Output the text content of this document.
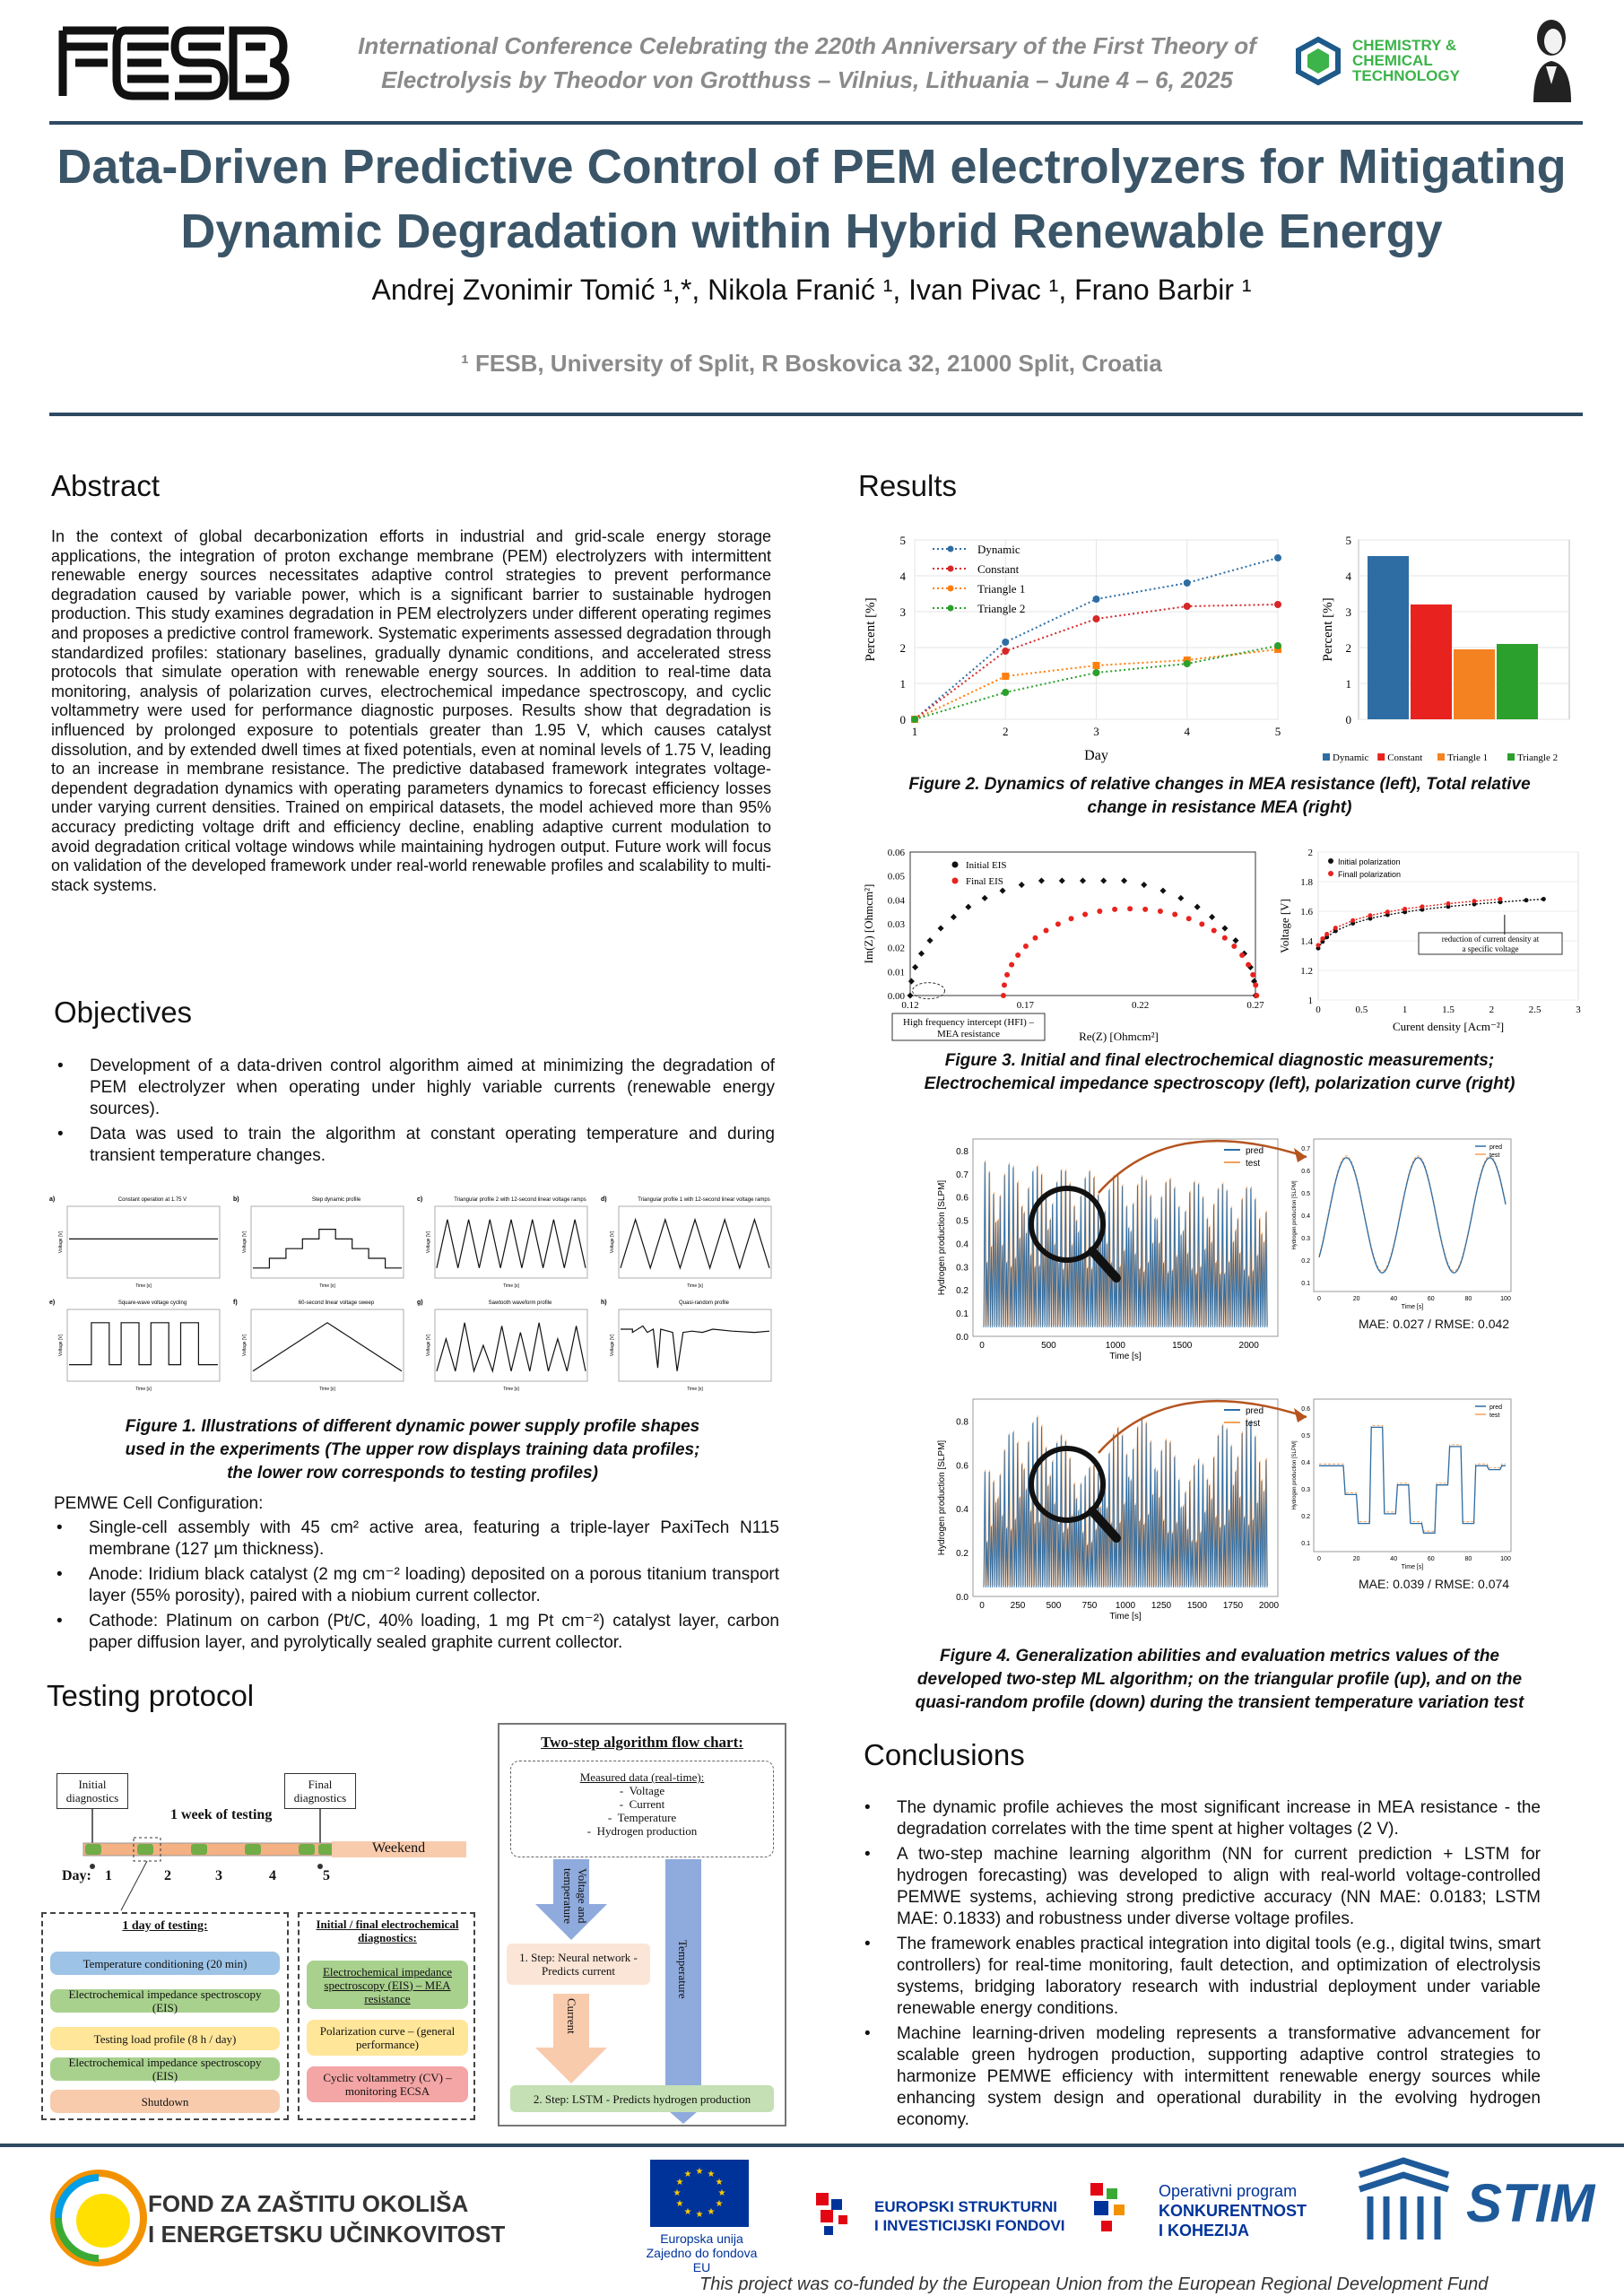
FESB
International Conference Celebrating the 220th Anniversary of the First Theory of
Electrolysis by Theodor von Grotthuss – Vilnius, Lithuania – June 4 – 6, 2025
CHEMISTRY &
CHEMICAL
TECHNOLOGY
Data-Driven Predictive Control of PEM electrolyzers for Mitigating
Dynamic Degradation within Hybrid Renewable Energy
Andrej Zvonimir Tomić ¹,*, Nikola Franić ¹, Ivan Pivac ¹, Frano Barbir ¹
¹ FESB, University of Split, R Boskovica 32, 21000 Split, Croatia
Abstract
In the context of global decarbonization efforts in industrial and grid-scale energy storage applications, the integration of proton exchange membrane (PEM) electrolyzers with intermittent renewable energy sources necessitates adaptive control strategies to prevent performance degradation caused by variable power, which is a significant barrier to sustainable hydrogen production. This study examines degradation in PEM electrolyzers under different operating regimes and proposes a predictive control framework. Systematic experiments assessed degradation through standardized profiles: stationary baselines, gradually dynamic conditions, and accelerated stress protocols that simulate operation with renewable energy sources. In addition to real-time data monitoring, analysis of polarization curves, electrochemical impedance spectroscopy, and cyclic voltammetry were used for performance diagnostic purposes. Results show that degradation is influenced by prolonged exposure to potentials greater than 1.95 V, which causes catalyst dissolution, and by extended dwell times at fixed potentials, even at nominal levels of 1.75 V, leading to an increase in membrane resistance. The predictive databased framework integrates voltage-dependent degradation dynamics with operating parameters dynamics to forecast efficiency losses under varying current densities. Trained on empirical datasets, the model achieved more than 95% accuracy predicting voltage drift and efficiency decline, enabling adaptive current modulation to avoid degradation critical voltage windows while maintaining hydrogen output. Future work will focus on validation of the developed framework under real-world renewable profiles and scalability to multi-stack systems.
Objectives
• Development of a data-driven control algorithm aimed at minimizing the degradation of PEM electrolyzer when operating under highly variable currents (renewable energy sources).
• Data was used to train the algorithm at constant operating temperature and during transient temperature changes.
a)	Constant operation at 1.75 V
Voltage [V]
Time [s]
b)	Step dynamic profile
Voltage [V]
Time [s]
c)	Triangular profile 2 with 12-second linear voltage ramps
Voltage [V]
Time [s]
d)	Triangular profile 1 with 12-second linear voltage ramps
Voltage [V]
Time [s]
e)	Square-wave voltage cycling
Voltage [V]
Time [s]
f)	60-second linear voltage sweep
Voltage [V]
Time [s]
g)	Sawtooth waveform profile
Voltage [V]
Time [s]
h)	Quasi-random profile
Voltage [V]
Time [s]
Figure 1. Illustrations of different dynamic power supply profile shapes
used in the experiments (The upper row displays training data profiles;
the lower row corresponds to testing profiles)
PEMWE Cell Configuration:
• Single-cell assembly with 45 cm² active area, featuring a triple-layer PaxiTech N115 membrane (127 µm thickness).
• Anode: Iridium black catalyst (2 mg cm⁻² loading) deposited on a porous titanium transport layer (55% porosity), paired with a niobium current collector.
• Cathode: Platinum on carbon (Pt/C, 40% loading, 1 mg Pt cm⁻²) catalyst layer, carbon paper diffusion layer, and pyrolytically sealed graphite current collector.
Testing protocol
Initial diagnostics
Final diagnostics
1 week of testing
Weekend
Day: 1	2	3	4	5
1 day of testing:
Temperature conditioning (20 min)
Electrochemical impedance spectroscopy (EIS)
Testing load profile (8 h / day)
Electrochemical impedance spectroscopy (EIS)
Shutdown
Initial / final electrochemical diagnostics:
Electrochemical impedance spectroscopy (EIS) – MEA resistance
Polarization curve – (general performance)
Cyclic voltammetry (CV) – monitoring ECSA
Two-step algorithm flow chart:
Measured data (real-time):
-  Voltage
-  Current
-  Temperature
-  Hydrogen production
Voltage and temperature
Temperature
Current
1. Step: Neural network - Predicts current
2. Step: LSTM - Predicts hydrogen production
Results
0
1
2
3
4
5
1	2	3	4	5
Day
Percent [%]
Dynamic
Constant
Triangle 1
Triangle 2
0
1
2
3
4
5
Percent [%]
Dynamic Constant	Triangle 1	Triangle 2
Figure 2. Dynamics of relative changes in MEA resistance (left), Total relative
change in resistance MEA (right)
0.00
0.01
0.02
0.03
0.04
0.05
0.06
0.12	0.17	0.22	0.27
Re(Z) [Ohmcm²]
Im(Z) [Ohmcm²]
Initial EIS
Final EIS
High frequency intercept (HFI) –
MEA resistance
1
1.2
1.4
1.6
1.8
2
0	0.5	1	1.5	2	2.5	3
Curent density [Acm⁻²]
Voltage [V]
Initial polarization
Finall polarization
reduction of current density at
a specific voltage
Figure 3. Initial and final electrochemical diagnostic measurements;
Electrochemical impedance spectroscopy (left), polarization curve (right)
0.0
0.1
0.2
0.3
0.4
0.5
0.6
0.7
0.8
0	500	1000	1500	2000
Time [s]
Hydrogen production [SLPM]
pred
test
0.1
0.2
0.3
0.4
0.5
0.6
0.7
0	20	40	60	80	100
Time [s]
Hydrogen production [SLPM]
pred
test
0.0
0.2
0.4
0.6
0.8
0	250 500 750 1000 1250 1500 1750 2000
Time [s]
Hydrogen production [SLPM]
pred
test
0.1
0.2
0.3
0.4
0.5
0.6
0	20	40	60	80	100
Time [s]
Hydrogen production [SLPM]
pred
test
MAE: 0.027 / RMSE: 0.042
MAE: 0.039 / RMSE: 0.074
Figure 4. Generalization abilities and evaluation metrics values of the
developed two-step ML algorithm; on the triangular profile (up), and on the
quasi-random profile (down) during the transient temperature variation test
Conclusions
• The dynamic profile achieves the most significant increase in MEA resistance - the degradation correlates with the time spent at higher voltages (2 V).
• A two-step machine learning algorithm (NN for current prediction + LSTM for hydrogen forecasting) was developed to align with real-world voltage-controlled PEMWE systems, achieving strong predictive accuracy (NN MAE: 0.0183; LSTM MAE: 0.1833) and robustness under diverse voltage profiles.
• The framework enables practical integration into digital tools (e.g., digital twins, smart controllers) for real-time monitoring, fault detection, and optimization of electrolysis systems, bridging laboratory research with industrial deployment under variable renewable energy conditions.
• Machine learning-driven modeling represents a transformative advancement for scalable green hydrogen production, supporting adaptive control strategies to harmonize PEMWE efficiency with intermittent renewable energy sources while enhancing system design and operational durability in the evolving hydrogen economy.
FOND ZA ZAŠTITU OKOLIŠA
I ENERGETSKU UČINKOVITOST
★ ★
★
★
★
★
★
★
★
★
★
★
Europska unija
Zajedno do fondova EU
EUROPSKI STRUKTURNI
I INVESTICIJSKI FONDOVI
Operativni program
KONKURENTNOST
I KOHEZIJA	STIM
This project was co-funded by the European Union from the European Regional Development Fund
